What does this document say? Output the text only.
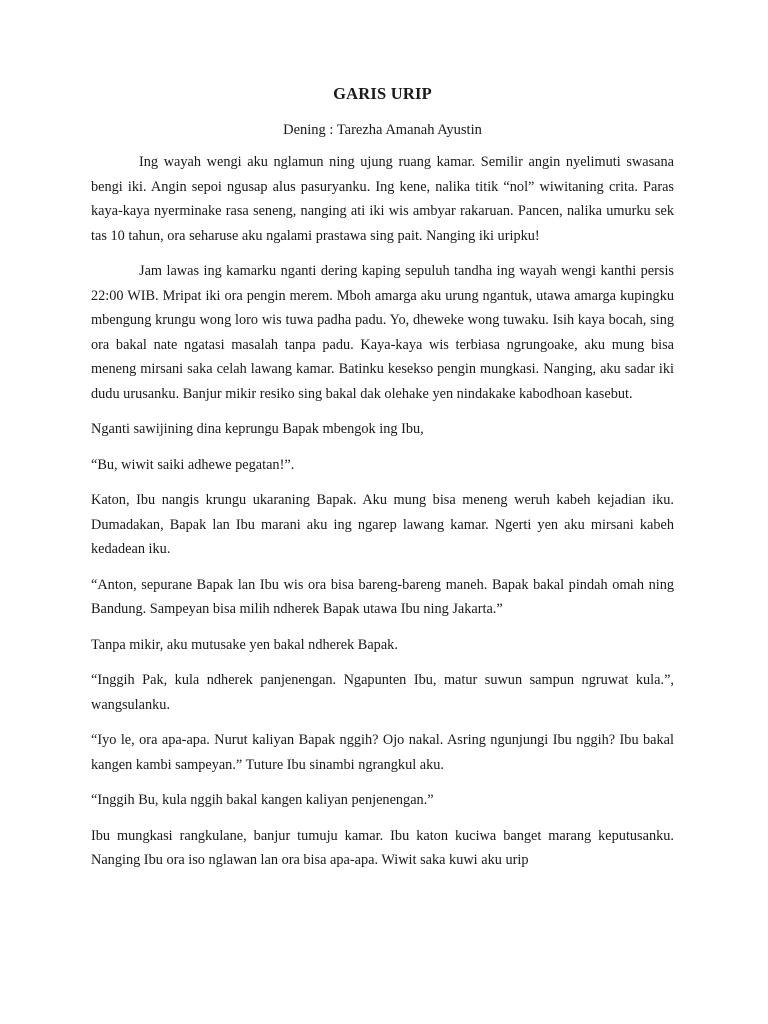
GARIS URIP
Dening : Tarezha Amanah Ayustin

Ing wayah wengi aku nglamun ning ujung ruang kamar. Semilir angin nyelimuti swasana bengi iki. Angin sepoi ngusap alus pasuryanku. Ing kene, nalika titik “nol” wiwitaning crita. Paras kaya-kaya nyerminake rasa seneng, nanging ati iki wis ambyar rakaruan. Pancen, nalika umurku sek tas 10 tahun, ora seharuse aku ngalami prastawa sing pait. Nanging iki uripku!

Jam lawas ing kamarku nganti dering kaping sepuluh tandha ing wayah wengi kanthi persis 22:00 WIB. Mripat iki ora pengin merem. Mboh amarga aku urung ngantuk, utawa amarga kupingku mbengung krungu wong loro wis tuwa padha padu. Yo, dheweke wong tuwaku. Isih kaya bocah, sing ora bakal nate ngatasi masalah tanpa padu. Kaya-kaya wis terbiasa ngrungoake, aku mung bisa meneng mirsani saka celah lawang kamar. Batinku kesekso pengin mungkasi. Nanging, aku sadar iki dudu urusanku. Banjur mikir resiko sing bakal dak olehake yen nindakake kabodhoan kasebut.

Nganti sawijining dina keprungu Bapak mbengok ing Ibu,

“Bu, wiwit saiki adhewe pegatan!”.

Katon, Ibu nangis krungu ukaraning Bapak. Aku mung bisa meneng weruh kabeh kejadian iku. Dumadakan, Bapak lan Ibu marani aku ing ngarep lawang kamar. Ngerti yen aku mirsani kabeh kedadean iku.

“Anton, sepurane Bapak lan Ibu wis ora bisa bareng-bareng maneh. Bapak bakal pindah omah ning Bandung. Sampeyan bisa milih ndherek Bapak utawa Ibu ning Jakarta.”

Tanpa mikir, aku mutusake yen bakal ndherek Bapak.

“Inggih Pak, kula ndherek panjenengan. Ngapunten Ibu, matur suwun sampun ngruwat kula.”, wangsulanku.

“Iyo le, ora apa-apa. Nurut kaliyan Bapak nggih? Ojo nakal. Asring ngunjungi Ibu nggih? Ibu bakal kangen kambi sampeyan.” Tuture Ibu sinambi ngrangkul aku.

“Inggih Bu, kula nggih bakal kangen kaliyan penjenengan.”

Ibu mungkasi rangkulane, banjur tumuju kamar. Ibu katon kuciwa banget marang keputusanku. Nanging Ibu ora iso nglawan lan ora bisa apa-apa. Wiwit saka kuwi aku urip
